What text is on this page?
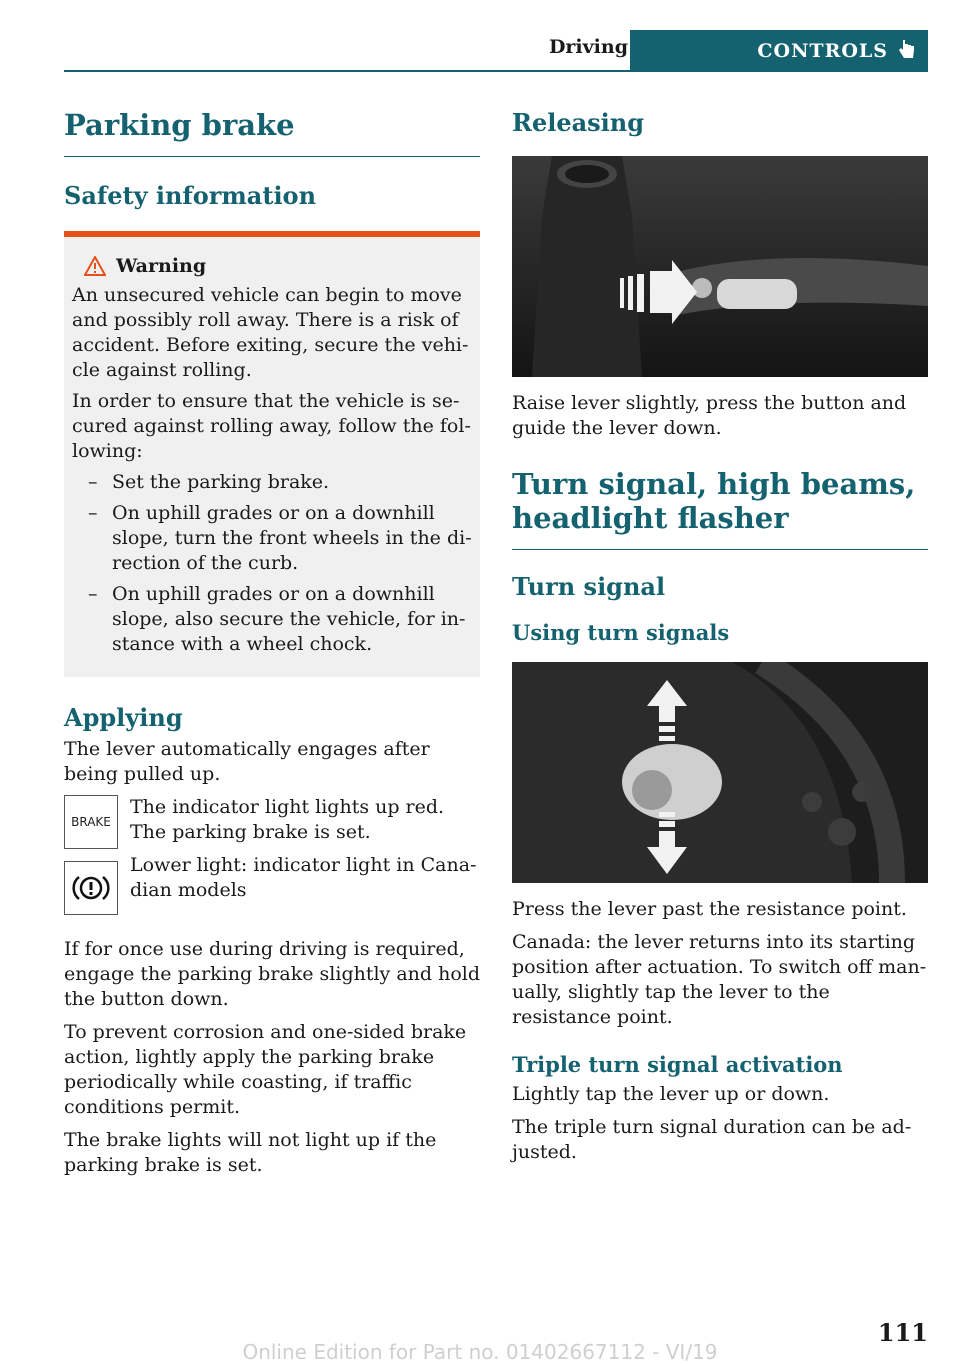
Driving	CONTROLS
Parking brake
Safety information
Warning

An unsecured vehicle can begin to move and possibly roll away. There is a risk of accident. Before exiting, secure the vehicle against rolling.

In order to ensure that the vehicle is secured against rolling away, follow the following:

– Set the parking brake.
– On uphill grades or on a downhill slope, turn the front wheels in the direction of the curb.
– On uphill grades or on a downhill slope, also secure the vehicle, for instance with a wheel chock.
Applying

The lever automatically engages after being pulled up.

BRAKE

The indicator light lights up red. The parking brake is set.

Lower light: indicator light in Canadian models

If for once use during driving is required, engage the parking brake slightly and hold the button down.

To prevent corrosion and one-sided brake action, lightly apply the parking brake periodically while coasting, if traffic conditions permit.

The brake lights will not light up if the parking brake is set.

Releasing

Raise lever slightly, press the button and guide the lever down.

Turn signal, high beams, headlight flasher
Turn signal
Using turn signals

Press the lever past the resistance point.

Canada: the lever returns into its starting position after actuation. To switch off manually, slightly tap the lever to the resistance point.

Triple turn signal activation

Lightly tap the lever up or down.

The triple turn signal duration can be adjusted.

111
Online Edition for Part no. 01402667112 - VI/19
